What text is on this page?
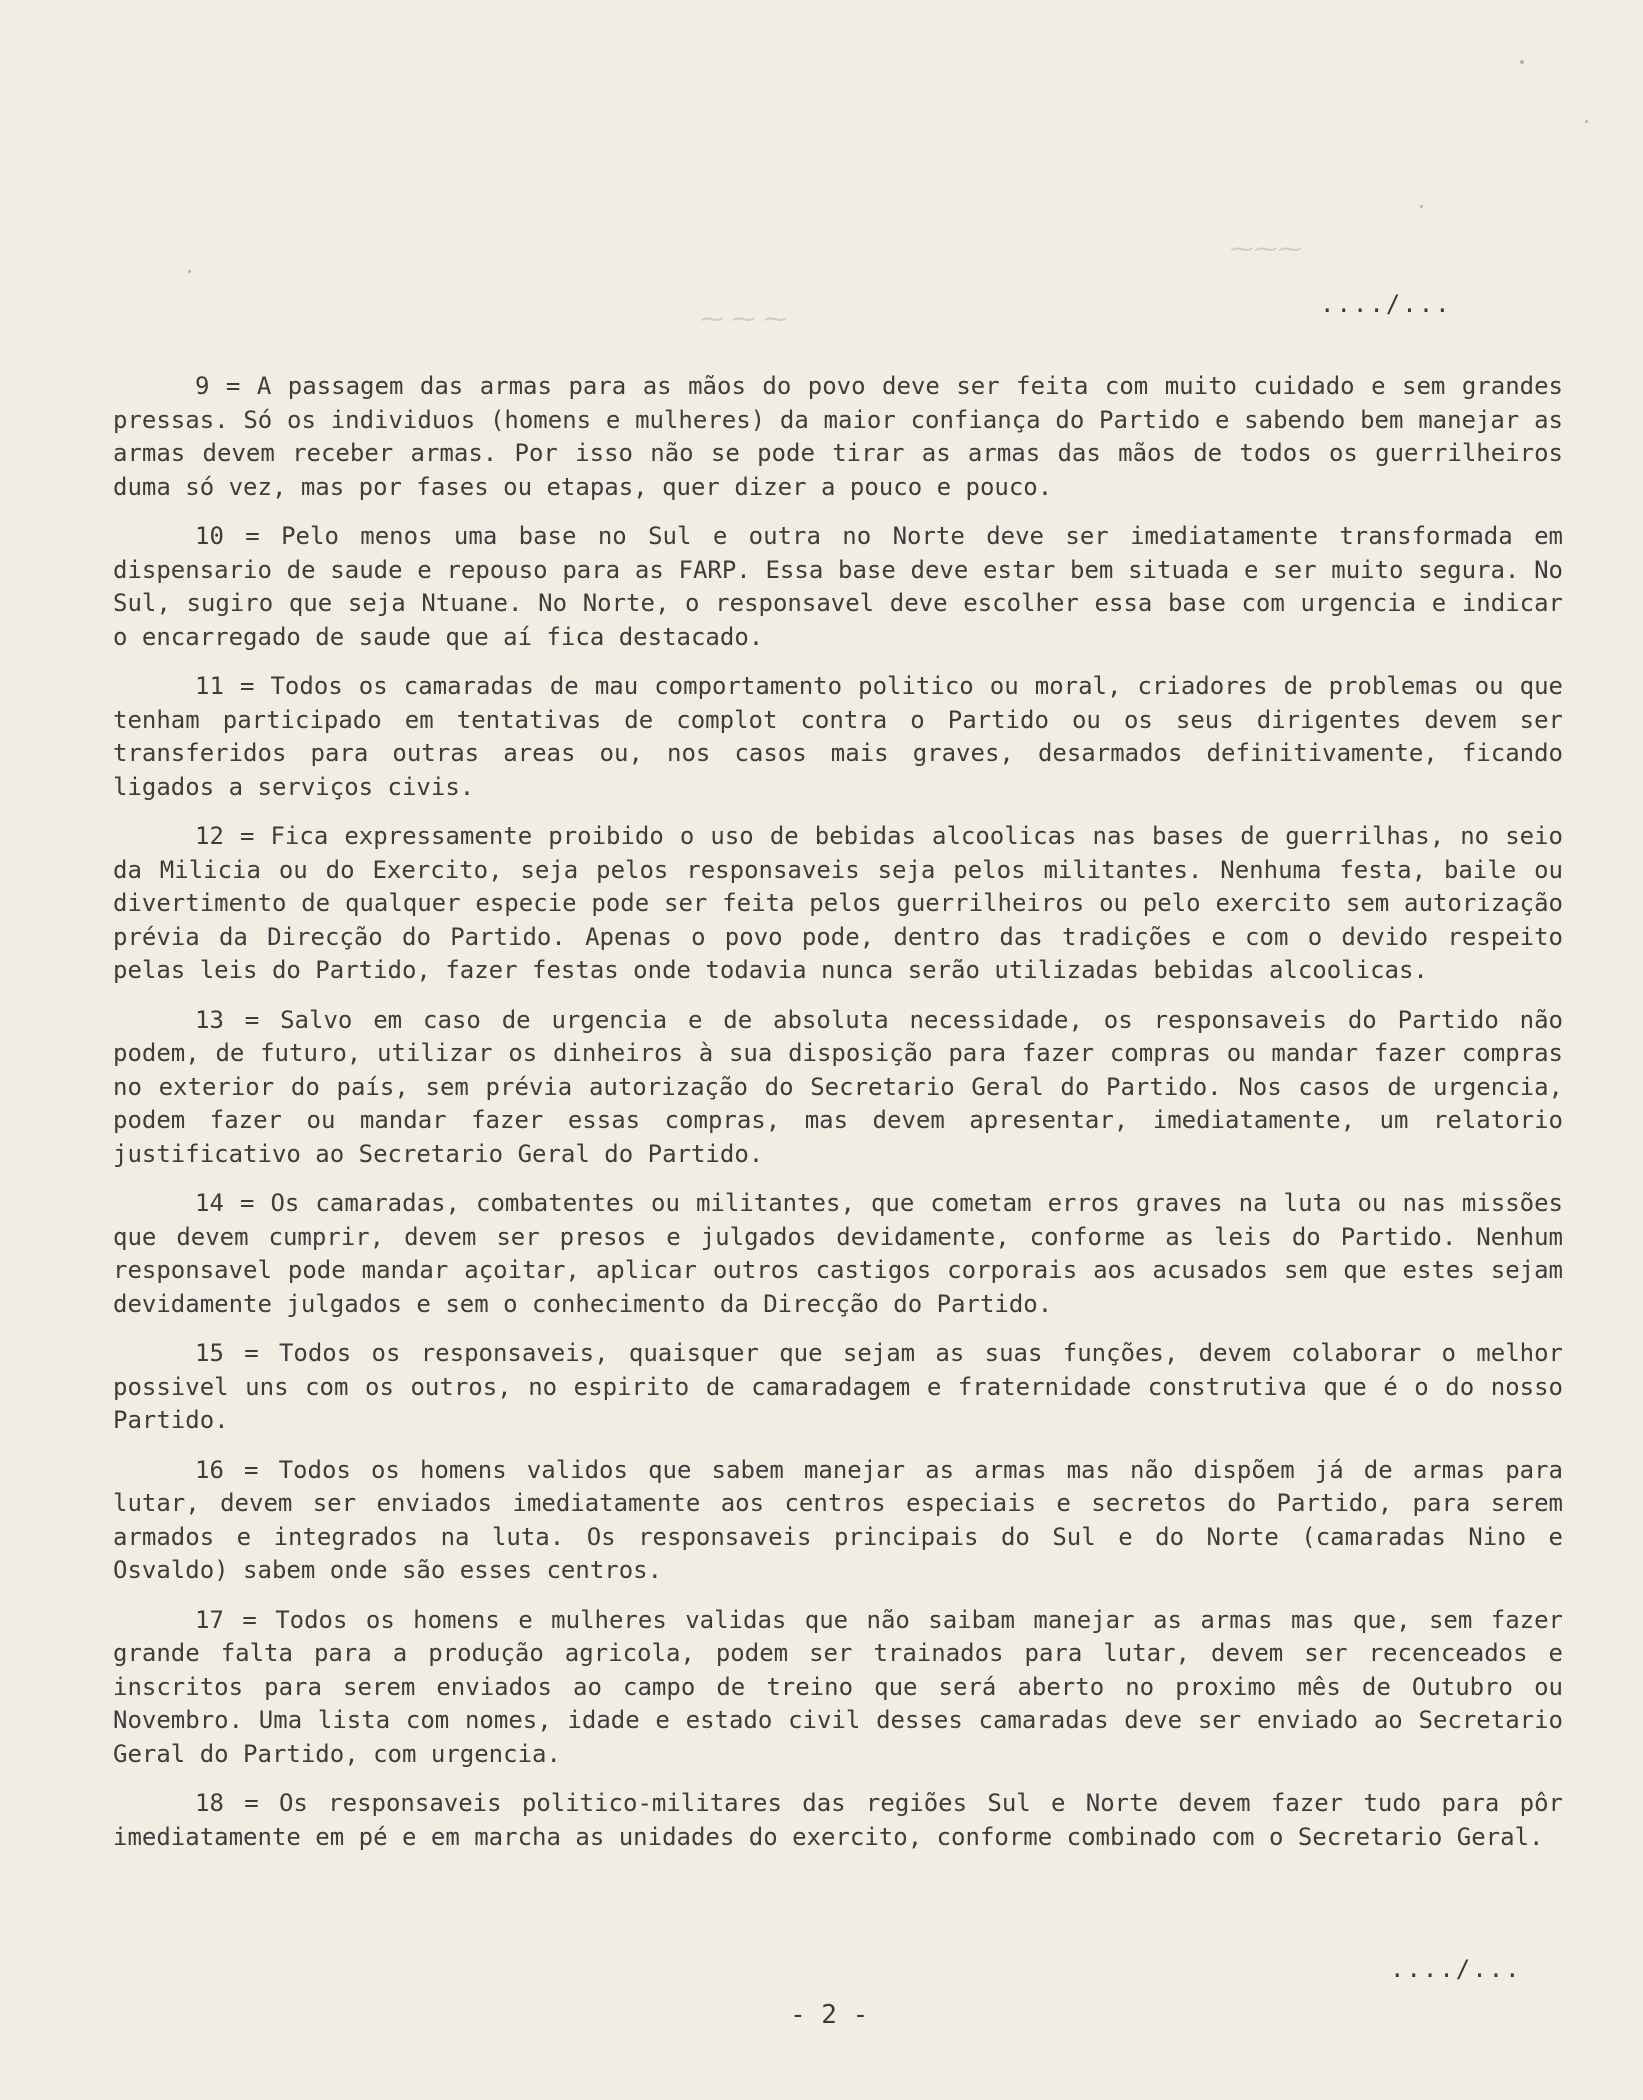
⁓⁓⁓
⁓ ⁓ ⁓
..../...

9 = A passagem das armas para as mãos do povo deve ser feita com muito cuidado e sem grandes pressas. Só os individuos (homens e mulheres) da maior confiança do Partido e sabendo bem manejar as armas devem receber armas. Por isso não se pode tirar as armas das mãos de todos os guerrilheiros duma só vez, mas por fases ou etapas, quer dizer a pouco e pouco.

10 = Pelo menos uma base no Sul e outra no Norte deve ser imediatamente transformada em dispensario de saude e repouso para as FARP. Essa base deve estar bem situada e ser muito segura. No Sul, sugiro que seja Ntuane. No Norte, o responsavel deve escolher essa base com urgencia e indicar o encarregado de saude que aí fica destacado.

11 = Todos os camaradas de mau comportamento politico ou moral, criadores de problemas ou que tenham participado em tentativas de complot contra o Partido ou os seus dirigentes devem ser transferidos para outras areas ou, nos casos mais graves, desarmados definitivamente, ficando ligados a serviços civis.

12 = Fica expressamente proibido o uso de bebidas alcoolicas nas bases de guerrilhas, no seio da Milicia ou do Exercito, seja pelos responsaveis seja pelos militantes. Nenhuma festa, baile ou divertimento de qualquer especie pode ser feita pelos guerrilheiros ou pelo exercito sem autorização prévia da Direcção do Partido. Apenas o povo pode, dentro das tradições e com o devido respeito pelas leis do Partido, fazer festas onde todavia nunca serão utilizadas bebidas alcoolicas.

13 = Salvo em caso de urgencia e de absoluta necessidade, os responsaveis do Partido não podem, de futuro, utilizar os dinheiros à sua disposição para fazer compras ou mandar fazer compras no exterior do país, sem prévia autorização do Secretario Geral do Partido. Nos casos de urgencia, podem fazer ou mandar fazer essas compras, mas devem apresentar, imediatamente, um relatorio justificativo ao Secretario Geral do Partido.

14 = Os camaradas, combatentes ou militantes, que cometam erros graves na luta ou nas missões que devem cumprir, devem ser presos e julgados devidamente, conforme as leis do Partido. Nenhum responsavel pode mandar açoitar, aplicar outros castigos corporais aos acusados sem que estes sejam devidamente julgados e sem o conhecimento da Direcção do Partido.

15 = Todos os responsaveis, quaisquer que sejam as suas funções, devem colaborar o melhor possivel uns com os outros, no espirito de camaradagem e fraternidade construtiva que é o do nosso Partido.

16 = Todos os homens validos que sabem manejar as armas mas não dispõem já de armas para lutar, devem ser enviados imediatamente aos centros especiais e secretos do Partido, para serem armados e integrados na luta. Os responsaveis principais do Sul e do Norte (camaradas Nino e Osvaldo) sabem onde são esses centros.

17 = Todos os homens e mulheres validas que não saibam manejar as armas mas que, sem fazer grande falta para a produção agricola, podem ser trainados para lutar, devem ser recenceados e inscritos para serem enviados ao campo de treino que será aberto no proximo mês de Outubro ou Novembro. Uma lista com nomes, idade e estado civil desses camaradas deve ser enviado ao Secretario Geral do Partido, com urgencia.

18 = Os responsaveis politico-militares das regiões Sul e Norte devem fazer tudo para pôr imediatamente em pé e em marcha as unidades do exercito, conforme combinado com o Secretario Geral.

..../...
- 2 -
